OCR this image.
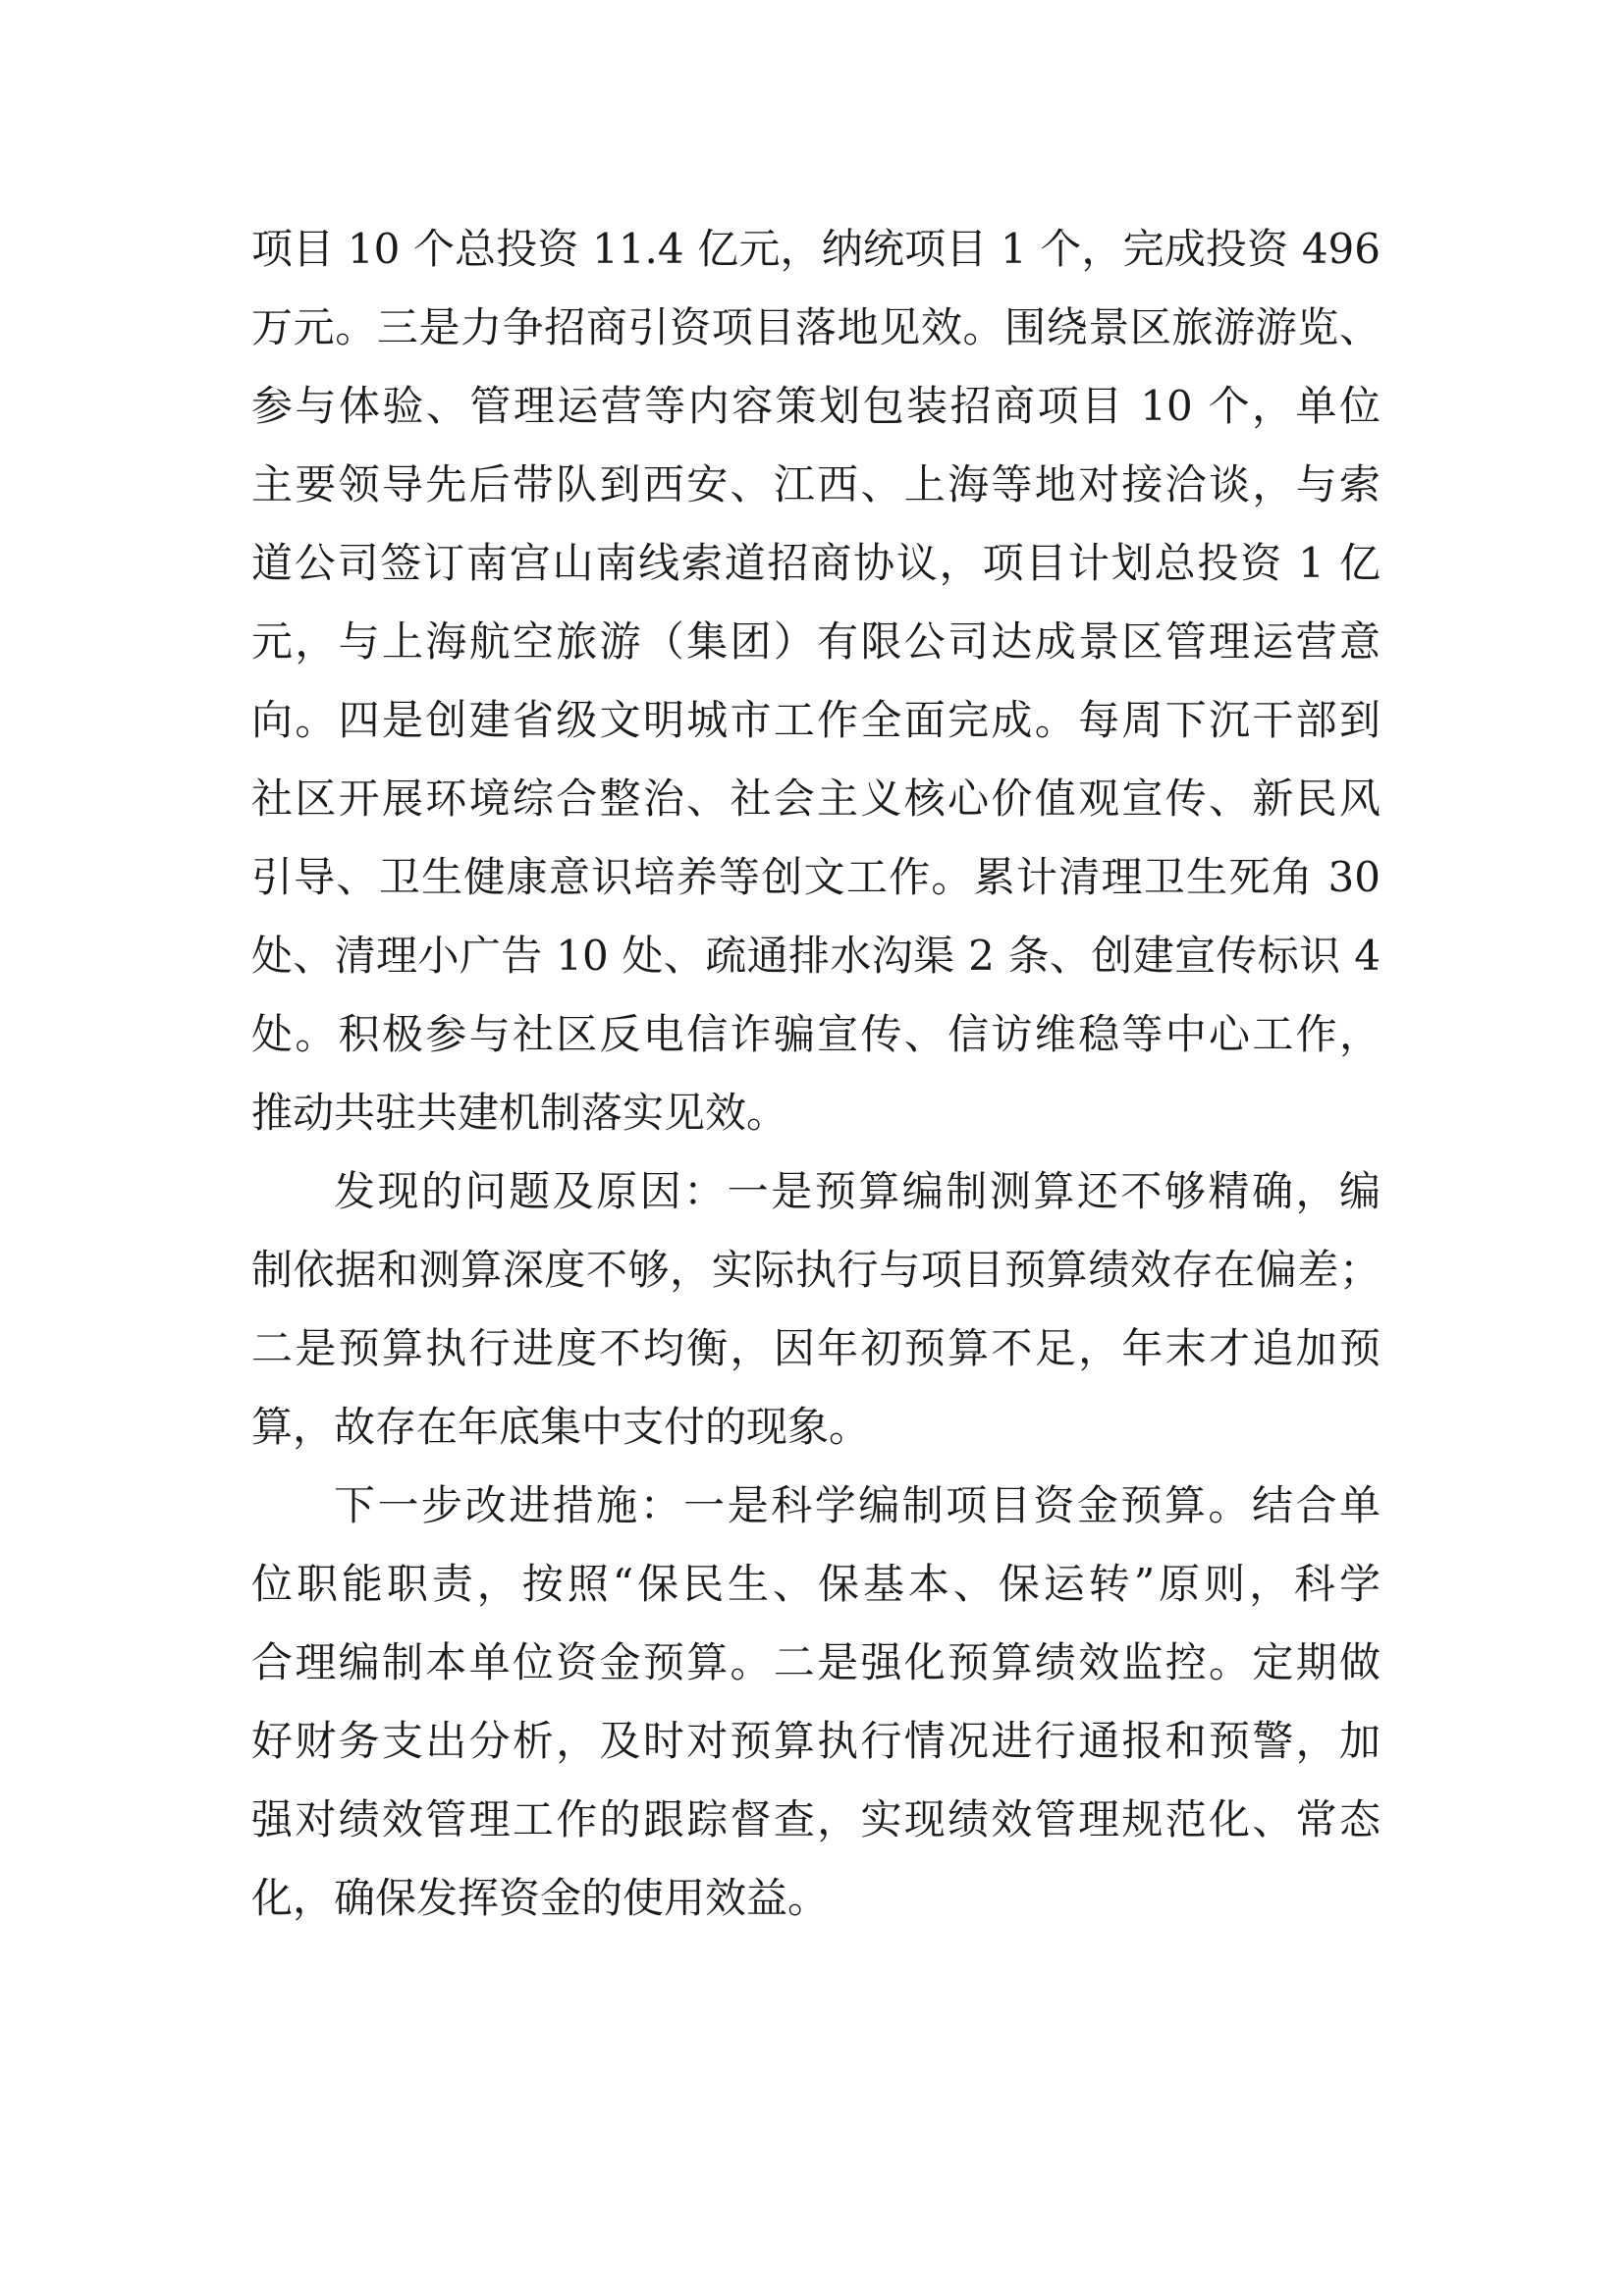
项目 10 个总投资 11.4 亿元，纳统项目 1 个，完成投资 496
万元。三是力争招商引资项目落地见效。围绕景区旅游游览、
参与体验、管理运营等内容策划包装招商项目 10 个，单位
主要领导先后带队到西安、江西、上海等地对接洽谈，与索
道公司签订南宫山南线索道招商协议，项目计划总投资 1 亿
元，与上海航空旅游（集团）有限公司达成景区管理运营意
向。四是创建省级文明城市工作全面完成。每周下沉干部到
社区开展环境综合整治、社会主义核心价值观宣传、新民风
引导、卫生健康意识培养等创文工作。累计清理卫生死角 30
处、清理小广告 10 处、疏通排水沟渠 2 条、创建宣传标识 4
处。积极参与社区反电信诈骗宣传、信访维稳等中心工作，
推动共驻共建机制落实见效。
发现的问题及原因：一是预算编制测算还不够精确，编
制依据和测算深度不够，实际执行与项目预算绩效存在偏差；
二是预算执行进度不均衡，因年初预算不足，年末才追加预
算，故存在年底集中支付的现象。
下一步改进措施：一是科学编制项目资金预算。结合单
位职能职责，按照“保民生、保基本、保运转”原则，科学
合理编制本单位资金预算。二是强化预算绩效监控。定期做
好财务支出分析，及时对预算执行情况进行通报和预警，加
强对绩效管理工作的跟踪督查，实现绩效管理规范化、常态
化，确保发挥资金的使用效益。
